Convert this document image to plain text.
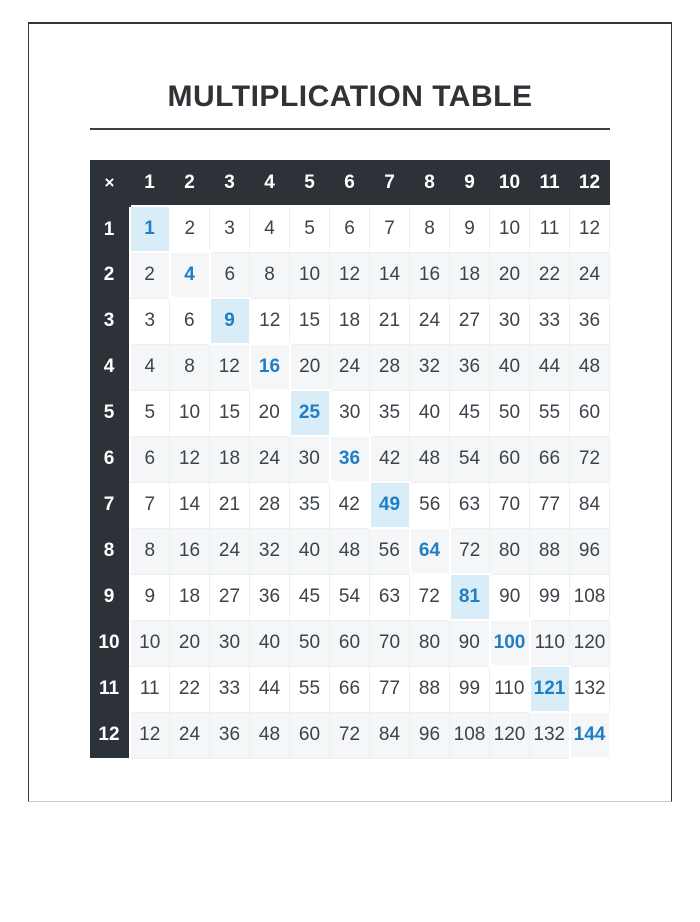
MULTIPLICATION TABLE
×	1	2	3	4	5	6	7	8	9	10	11	12
1	1	2	3	4	5	6	7	8	9	10	11	12
2	2	4	6	8	10	12	14	16	18	20	22	24
3	3	6	9	12	15	18	21	24	27	30	33	36
4	4	8	12	16	20	24	28	32	36	40	44	48
5	5	10	15	20	25	30	35	40	45	50	55	60
6	6	12	18	24	30	36	42	48	54	60	66	72
7	7	14	21	28	35	42	49	56	63	70	77	84
8	8	16	24	32	40	48	56	64	72	80	88	96
9	9	18	27	36	45	54	63	72	81	90	99	108
10	10	20	30	40	50	60	70	80	90	100	110	120
11	11	22	33	44	55	66	77	88	99	110	121	132
12	12	24	36	48	60	72	84	96	108	120	132	144
